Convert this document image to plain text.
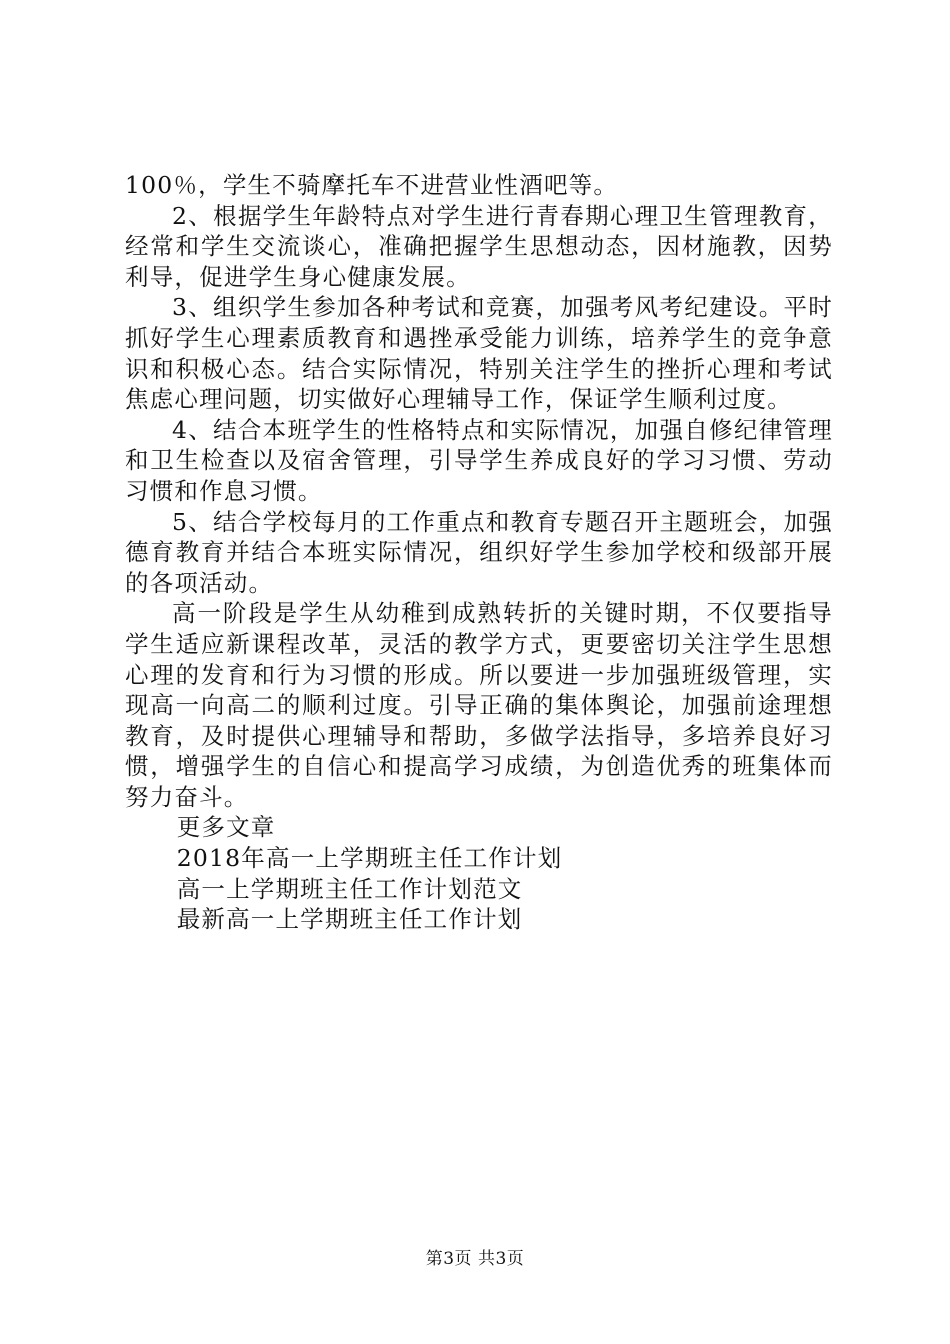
100％，学生不骑摩托车不进营业性酒吧等。

2、根据学生年龄特点对学生进行青春期心理卫生管理教育，经常和学生交流谈心，准确把握学生思想动态，因材施教，因势利导，促进学生身心健康发展。

3、组织学生参加各种考试和竞赛，加强考风考纪建设。平时抓好学生心理素质教育和遇挫承受能力训练，培养学生的竞争意识和积极心态。结合实际情况，特别关注学生的挫折心理和考试焦虑心理问题，切实做好心理辅导工作，保证学生顺利过度。

4、结合本班学生的性格特点和实际情况，加强自修纪律管理和卫生检查以及宿舍管理，引导学生养成良好的学习习惯、劳动习惯和作息习惯。

5、结合学校每月的工作重点和教育专题召开主题班会，加强德育教育并结合本班实际情况，组织好学生参加学校和级部开展的各项活动。

高一阶段是学生从幼稚到成熟转折的关键时期，不仅要指导学生适应新课程改革，灵活的教学方式，更要密切关注学生思想心理的发育和行为习惯的形成。所以要进一步加强班级管理，实现高一向高二的顺利过度。引导正确的集体舆论，加强前途理想教育，及时提供心理辅导和帮助，多做学法指导，多培养良好习惯，增强学生的自信心和提高学习成绩，为创造优秀的班集体而努力奋斗。

更多文章
2018年高一上学期班主任工作计划
高一上学期班主任工作计划范文
最新高一上学期班主任工作计划
第3页 共3页
